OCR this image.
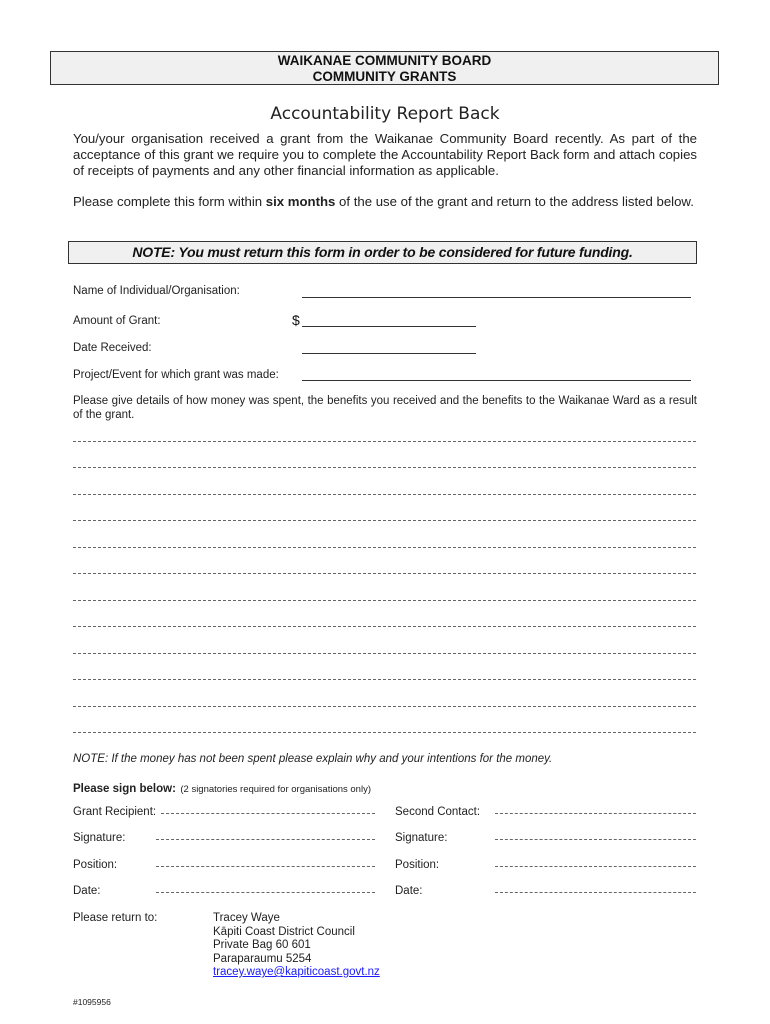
WAIKANAE COMMUNITY BOARD
COMMUNITY GRANTS
Accountability Report Back
You/your organisation received a grant from the Waikanae Community Board recently. As part of the acceptance of this grant we require you to complete the Accountability Report Back form and attach copies of receipts of payments and any other financial information as applicable.
Please complete this form within six months of the use of the grant and return to the address listed below.
NOTE: You must return this form in order to be considered for future funding.
Name of Individual/Organisation:
Amount of Grant:	$
Date Received:
Project/Event for which grant was made:
Please give details of how money was spent, the benefits you received and the benefits to the Waikanae Ward as a result of the grant.
NOTE: If the money has not been spent please explain why and your intentions for the money.
Please sign below: (2 signatories required for organisations only)
Grant Recipient:
Signature:
Position:
Date:
Second Contact:
Signature:
Position:
Date:
Please return to:	Tracey Waye
Kāpiti Coast District Council
Private Bag 60 601
Paraparaumu 5254
tracey.waye@kapiticoast.govt.nz
#1095956
